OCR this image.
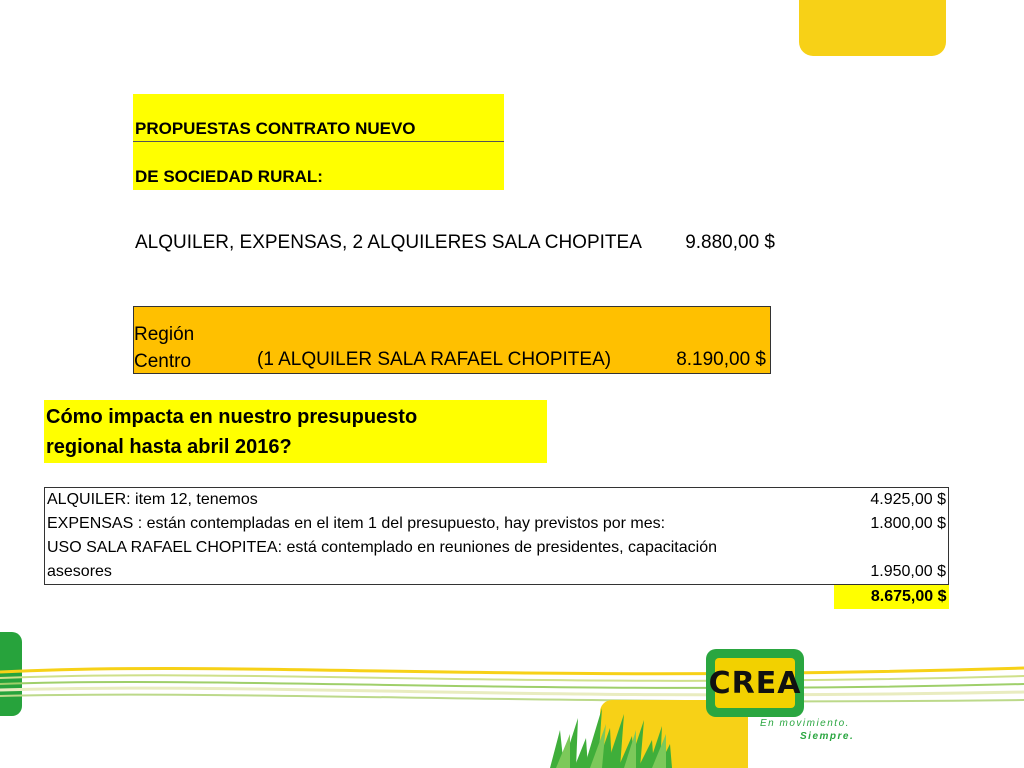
PROPUESTAS CONTRATO NUEVO
DE SOCIEDAD RURAL:
ALQUILER, EXPENSAS, 2 ALQUILERES SALA CHOPITEA 9.880,00 $
Región
Centro	(1 ALQUILER SALA RAFAEL CHOPITEA)	8.190,00 $
Cómo impacta en nuestro presupuesto
regional hasta abril 2016?
ALQUILER: item 12, tenemos	4.925,00 $
EXPENSAS : están contempladas en el item 1 del presupuesto, hay previstos por mes:	1.800,00 $
USO SALA RAFAEL CHOPITEA: está contemplado en reuniones de presidentes, capacitación	
asesores	1.950,00 $
	8.675,00 $
CREA
En movimiento.
Siempre.
